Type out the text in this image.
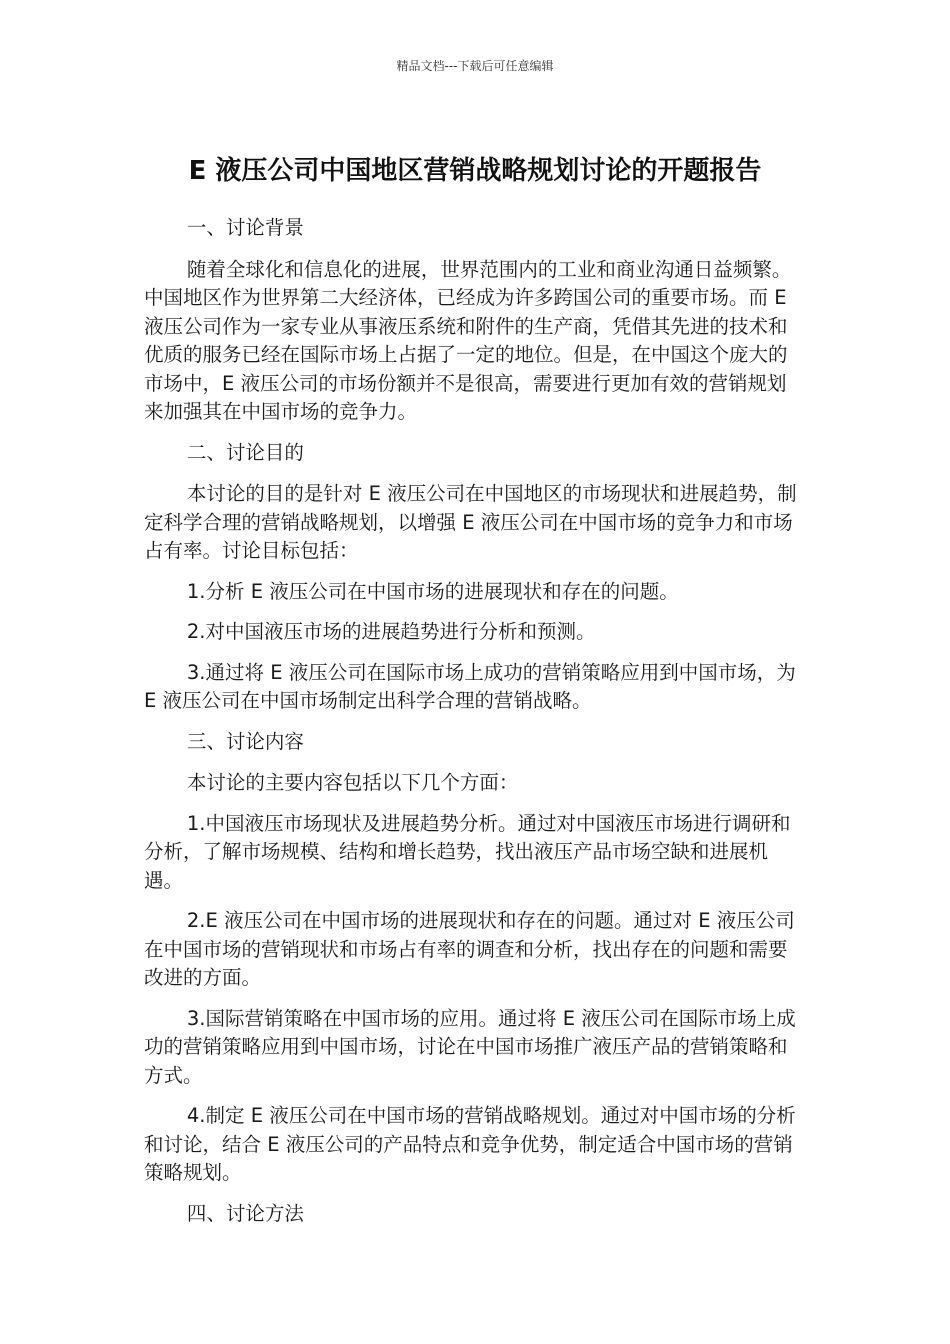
精品文档---下载后可任意编辑
E 液压公司中国地区营销战略规划讨论的开题报告

一、讨论背景

随着全球化和信息化的进展，世界范围内的工业和商业沟通日益频繁。中国地区作为世界第二大经济体，已经成为许多跨国公司的重要市场。而 E 液压公司作为一家专业从事液压系统和附件的生产商，凭借其先进的技术和优质的服务已经在国际市场上占据了一定的地位。但是，在中国这个庞大的市场中，E 液压公司的市场份额并不是很高，需要进行更加有效的营销规划来加强其在中国市场的竞争力。

二、讨论目的

本讨论的目的是针对 E 液压公司在中国地区的市场现状和进展趋势，制定科学合理的营销战略规划，以增强 E 液压公司在中国市场的竞争力和市场占有率。讨论目标包括：

1.分析 E 液压公司在中国市场的进展现状和存在的问题。

2.对中国液压市场的进展趋势进行分析和预测。

3.通过将 E 液压公司在国际市场上成功的营销策略应用到中国市场，为 E 液压公司在中国市场制定出科学合理的营销战略。

三、讨论内容

本讨论的主要内容包括以下几个方面：

1.中国液压市场现状及进展趋势分析。通过对中国液压市场进行调研和分析，了解市场规模、结构和增长趋势，找出液压产品市场空缺和进展机遇。

2.E 液压公司在中国市场的进展现状和存在的问题。通过对 E 液压公司在中国市场的营销现状和市场占有率的调查和分析，找出存在的问题和需要改进的方面。

3.国际营销策略在中国市场的应用。通过将 E 液压公司在国际市场上成功的营销策略应用到中国市场，讨论在中国市场推广液压产品的营销策略和方式。

4.制定 E 液压公司在中国市场的营销战略规划。通过对中国市场的分析和讨论，结合 E 液压公司的产品特点和竞争优势，制定适合中国市场的营销策略规划。

四、讨论方法
